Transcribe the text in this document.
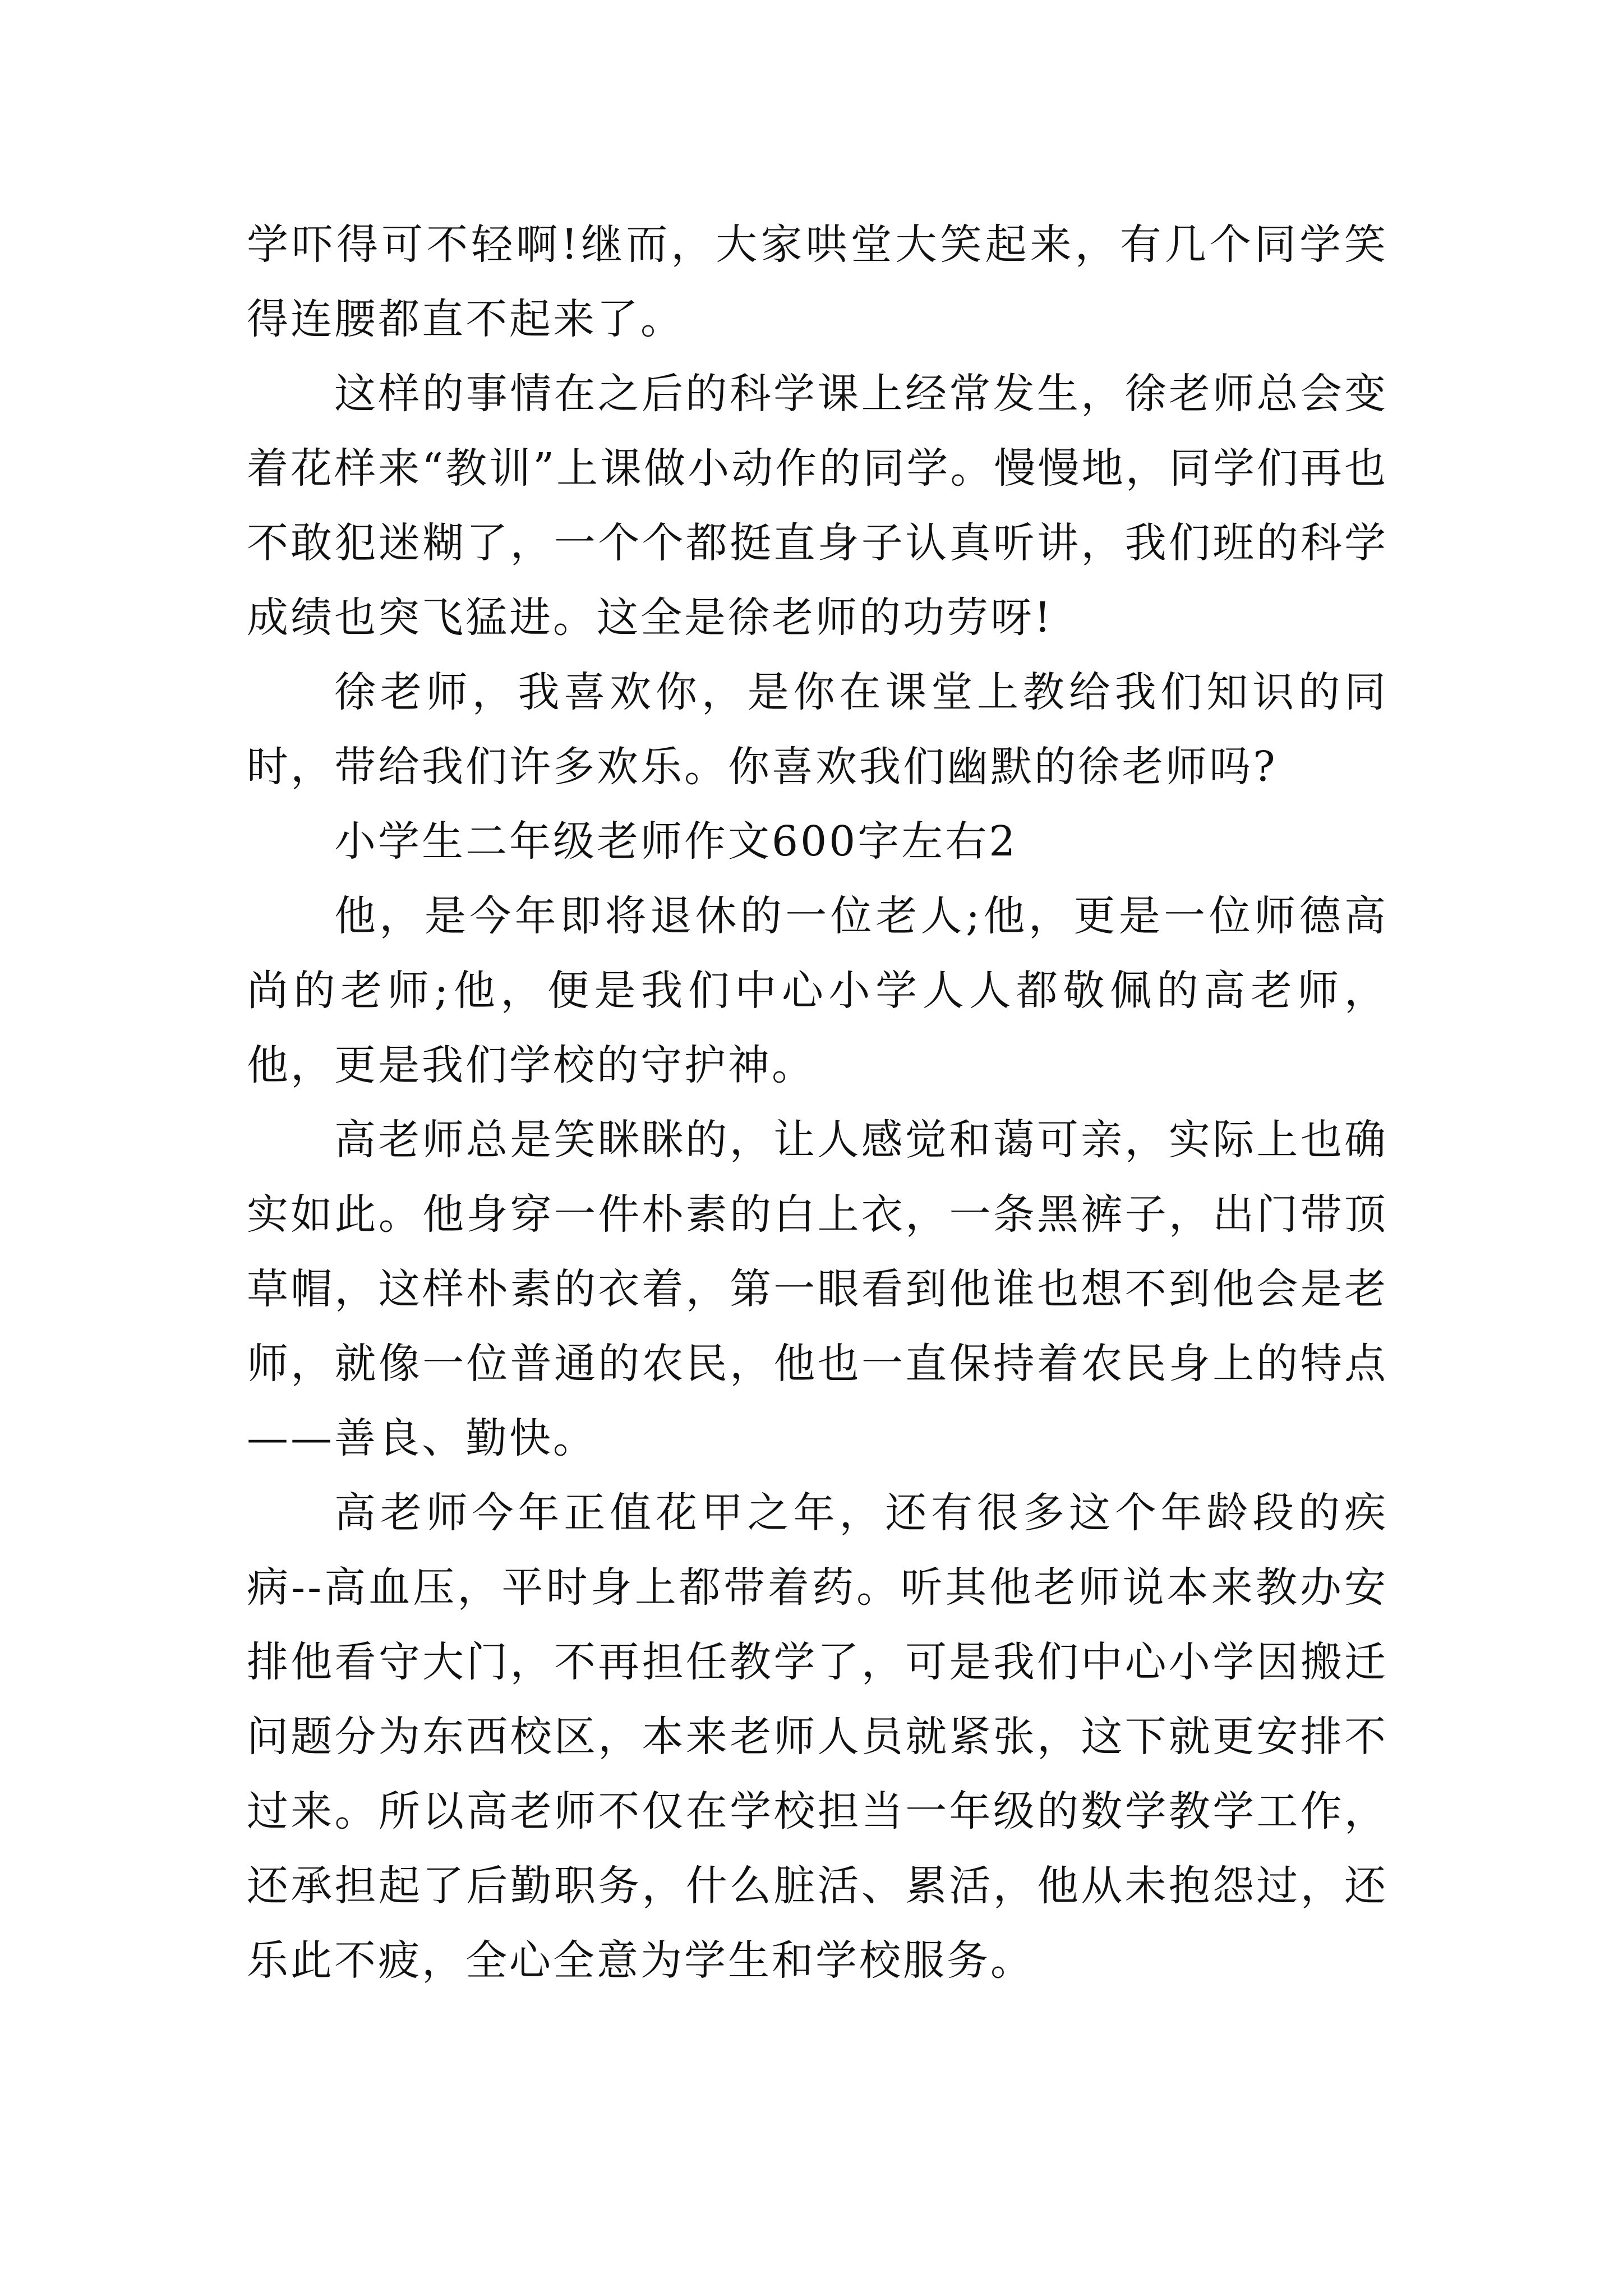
学吓得可不轻啊!继而，大家哄堂大笑起来，有几个同学笑得连腰都直不起来了。

这样的事情在之后的科学课上经常发生，徐老师总会变着花样来“教训”上课做小动作的同学。慢慢地，同学们再也不敢犯迷糊了，一个个都挺直身子认真听讲，我们班的科学成绩也突飞猛进。这全是徐老师的功劳呀!

徐老师，我喜欢你，是你在课堂上教给我们知识的同时，带给我们许多欢乐。你喜欢我们幽默的徐老师吗?

小学生二年级老师作文600字左右2

他，是今年即将退休的一位老人;他，更是一位师德高尚的老师;他，便是我们中心小学人人都敬佩的高老师，他，更是我们学校的守护神。

高老师总是笑眯眯的，让人感觉和蔼可亲，实际上也确实如此。他身穿一件朴素的白上衣，一条黑裤子，出门带顶草帽，这样朴素的衣着，第一眼看到他谁也想不到他会是老师，就像一位普通的农民，他也一直保持着农民身上的特点——善良、勤快。

高老师今年正值花甲之年，还有很多这个年龄段的疾病--高血压，平时身上都带着药。听其他老师说本来教办安排他看守大门，不再担任教学了，可是我们中心小学因搬迁问题分为东西校区，本来老师人员就紧张，这下就更安排不过来。所以高老师不仅在学校担当一年级的数学教学工作，还承担起了后勤职务，什么脏活、累活，他从未抱怨过，还乐此不疲，全心全意为学生和学校服务。
